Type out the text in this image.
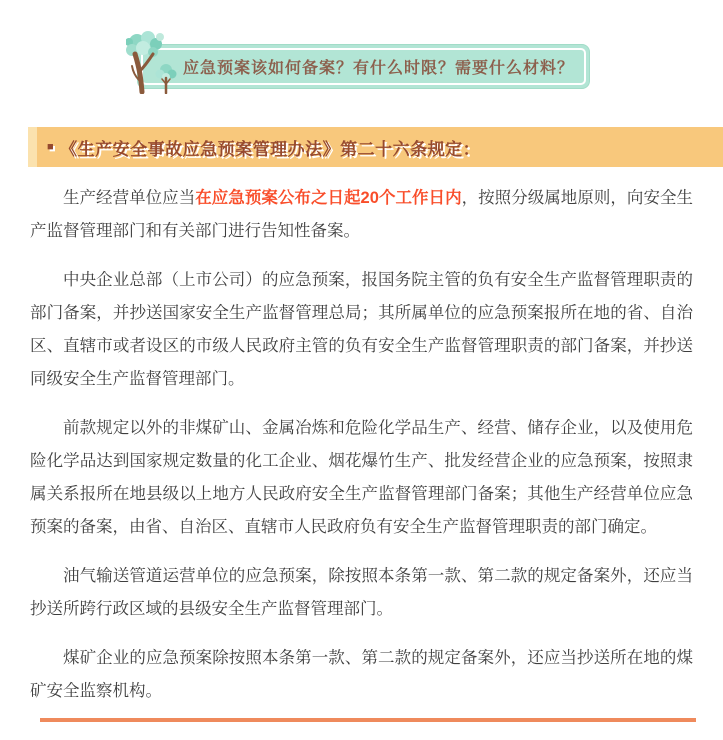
应急预案该如何备案？有什么时限？需要什么材料？
■ 《生产安全事故应急预案管理办法》第二十六条规定：

生产经营单位应当在应急预案公布之日起20个工作日内，按照分级属地原则，向安全生产监督管理部门和有关部门进行告知性备案。

中央企业总部（上市公司）的应急预案，报国务院主管的负有安全生产监督管理职责的部门备案，并抄送国家安全生产监督管理总局；其所属单位的应急预案报所在地的省、自治区、直辖市或者设区的市级人民政府主管的负有安全生产监督管理职责的部门备案，并抄送同级安全生产监督管理部门。

前款规定以外的非煤矿山、金属冶炼和危险化学品生产、经营、储存企业，以及使用危险化学品达到国家规定数量的化工企业、烟花爆竹生产、批发经营企业的应急预案，按照隶属关系报所在地县级以上地方人民政府安全生产监督管理部门备案；其他生产经营单位应急预案的备案，由省、自治区、直辖市人民政府负有安全生产监督管理职责的部门确定。

油气输送管道运营单位的应急预案，除按照本条第一款、第二款的规定备案外，还应当抄送所跨行政区域的县级安全生产监督管理部门。

煤矿企业的应急预案除按照本条第一款、第二款的规定备案外，还应当抄送所在地的煤矿安全监察机构。
